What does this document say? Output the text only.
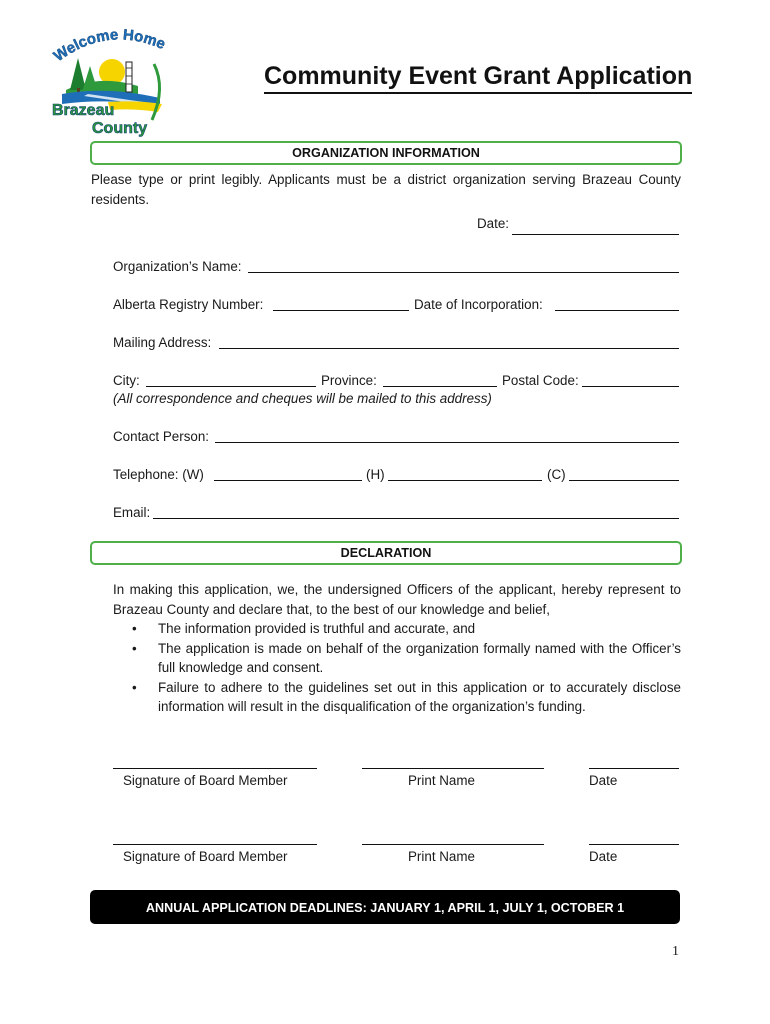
Welcome Home
Brazeau
County
Community Event Grant Application
ORGANIZATION INFORMATION
Please type or print legibly. Applicants must be a district organization serving Brazeau County residents.
Date:
Organization’s Name:
Alberta Registry Number:	Date of Incorporation:
Mailing Address:
City:	Province:	Postal Code:
(All correspondence and cheques will be mailed to this address)
Contact Person:
Telephone: (W)	(H)	(C)
Email:
DECLARATION
In making this application, we, the undersigned Officers of the applicant, hereby represent to Brazeau County and declare that, to the best of our knowledge and belief,
• The information provided is truthful and accurate, and
• The application is made on behalf of the organization formally named with the Officer’s full knowledge and consent.
• Failure to adhere to the guidelines set out in this application or to accurately disclose information will result in the disqualification of the organization’s funding.
Signature of Board Member	Print Name	Date
Signature of Board Member	Print Name	Date
ANNUAL APPLICATION DEADLINES: JANUARY 1, APRIL 1, JULY 1, OCTOBER 1
1
